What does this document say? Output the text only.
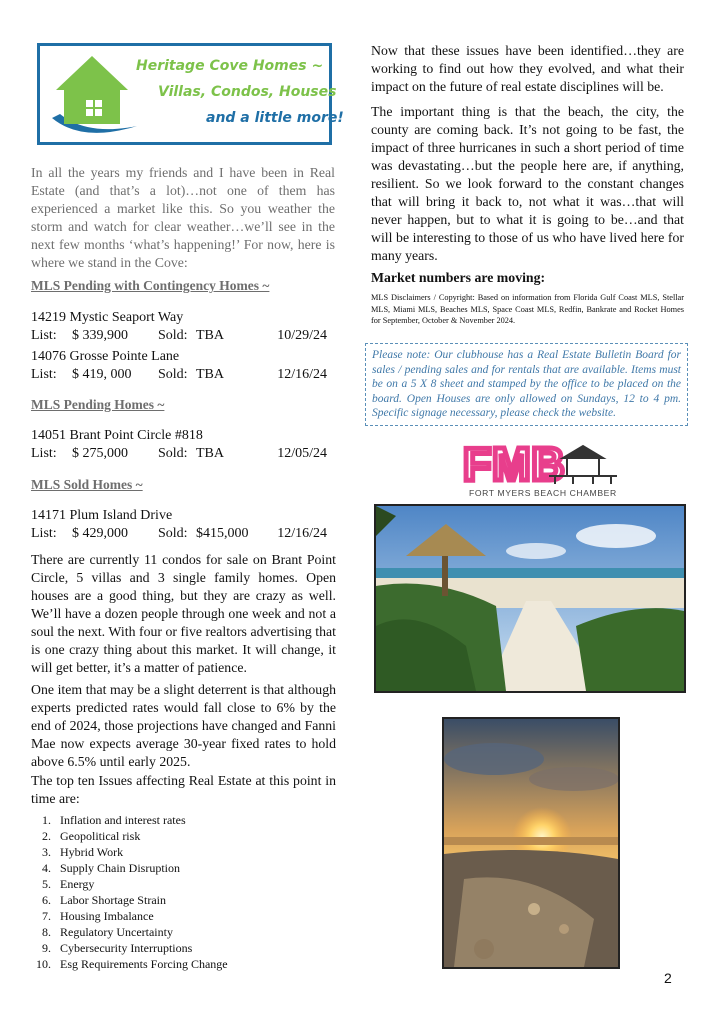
Heritage Cove Homes ~
Villas, Condos, Houses
and a little more!

In all the years my friends and I have been in Real Estate (and that’s a lot)…not one of them has experienced a market like this. So you weather the storm and watch for clear weather…we’ll see in the next few months ‘what’s happening!’ For now, here is where we stand in the Cove:

MLS Pending with Contingency Homes ~
14219 Mystic Seaport Way
List:	$ 339,900	Sold: TBA	10/29/24
14076 Grosse Pointe Lane
List:	$ 419, 000	Sold: TBA	12/16/24
MLS Pending Homes ~
14051 Brant Point Circle #818
List:	$ 275,000	Sold: TBA	12/05/24
MLS Sold Homes ~
14171 Plum Island Drive
List:	$ 429,000	Sold: $415,000	12/16/24

There are currently 11 condos for sale on Brant Point Circle, 5 villas and 3 single family homes. Open houses are a good thing, but they are crazy as well. We’ll have a dozen people through one week and not a soul the next. With four or five realtors advertising that is one crazy thing about this market. It will change, it will get better, it’s a matter of patience.

One item that may be a slight deterrent is that although experts predicted rates would fall close to 6% by the end of 2024, those projections have changed and Fanni Mae now expects average 30-year fixed rates to hold above 6.5% until early 2025.

The top ten Issues affecting Real Estate at this point in time are:

1. Inflation and interest rates
2. Geopolitical risk
3. Hybrid Work
4. Supply Chain Disruption
5. Energy
6. Labor Shortage Strain
7. Housing Imbalance
8. Regulatory Uncertainty
9. Cybersecurity Interruptions
10. Esg Requirements Forcing Change

Now that these issues have been identified…they are working to find out how they evolved, and what their impact on the future of real estate disciplines will be.

The important thing is that the beach, the city, the county are coming back. It’s not going to be fast, the impact of three hurricanes in such a short period of time was devastating…but the people here are, if anything, resilient. So we look forward to the constant changes that will bring it back to, not what it was…that will never happen, but to what it is going to be…and that will be interesting to those of us who have lived here for many years.

Market numbers are moving:

MLS Disclaimers / Copyright: Based on information from Florida Gulf Coast MLS, Stellar MLS, Miami MLS, Beaches MLS, Space Coast MLS, Redfin, Bankrate and Rocket Homes for September, October & November 2024.

Please note: Our clubhouse has a Real Estate Bulletin Board for sales / pending sales and for rentals that are available. Items must be on a 5 X 8 sheet and stamped by the office to be placed on the board. Open Houses are only allowed on Sundays, 12 to 4 pm. Specific signage necessary, please check the website.
FMB
FORT MYERS BEACH CHAMBER
2
